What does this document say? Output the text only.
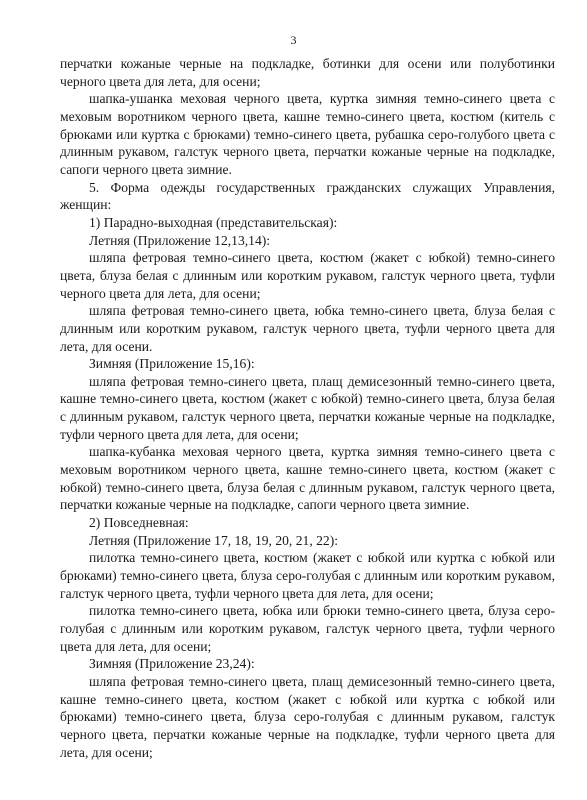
3

перчатки кожаные черные на подкладке, ботинки для осени или полуботинки черного цвета для лета, для осени;

шапка-ушанка меховая черного цвета, куртка зимняя темно-синего цвета с меховым воротником черного цвета, кашне темно-синего цвета, костюм (китель с брюками или куртка с брюками) темно-синего цвета, рубашка серо-голубого цвета с длинным рукавом, галстук черного цвета, перчатки кожаные черные на подкладке, сапоги черного цвета зимние.

5. Форма одежды государственных гражданских служащих Управления, женщин:

1) Парадно-выходная (представительская):

Летняя (Приложение 12,13,14):

шляпа фетровая темно-синего цвета, костюм (жакет с юбкой) темно-синего цвета, блуза белая с длинным или коротким рукавом, галстук черного цвета, туфли черного цвета для лета, для осени;

шляпа фетровая темно-синего цвета, юбка темно-синего цвета, блуза белая с длинным или коротким рукавом, галстук черного цвета, туфли черного цвета для лета, для осени.

Зимняя (Приложение 15,16):

шляпа фетровая темно-синего цвета, плащ демисезонный темно-синего цвета, кашне темно-синего цвета, костюм (жакет с юбкой) темно-синего цвета, блуза белая с длинным рукавом, галстук черного цвета, перчатки кожаные черные на подкладке, туфли черного цвета для лета, для осени;

шапка-кубанка меховая черного цвета, куртка зимняя темно-синего цвета с меховым воротником черного цвета, кашне темно-синего цвета, костюм (жакет с юбкой) темно-синего цвета, блуза белая с длинным рукавом, галстук черного цвета, перчатки кожаные черные на подкладке, сапоги черного цвета зимние.

2) Повседневная:

Летняя (Приложение 17, 18, 19, 20, 21, 22):

пилотка темно-синего цвета, костюм (жакет с юбкой или куртка с юбкой или брюками) темно-синего цвета, блуза серо-голубая с длинным или коротким рукавом, галстук черного цвета, туфли черного цвета для лета, для осени;

пилотка темно-синего цвета, юбка или брюки темно-синего цвета, блуза серо-голубая с длинным или коротким рукавом, галстук черного цвета, туфли черного цвета для лета, для осени;

Зимняя (Приложение 23,24):

шляпа фетровая темно-синего цвета, плащ демисезонный темно-синего цвета, кашне темно-синего цвета, костюм (жакет с юбкой или куртка с юбкой или брюками) темно-синего цвета, блуза серо-голубая с длинным рукавом, галстук черного цвета, перчатки кожаные черные на подкладке, туфли черного цвета для лета, для осени;
